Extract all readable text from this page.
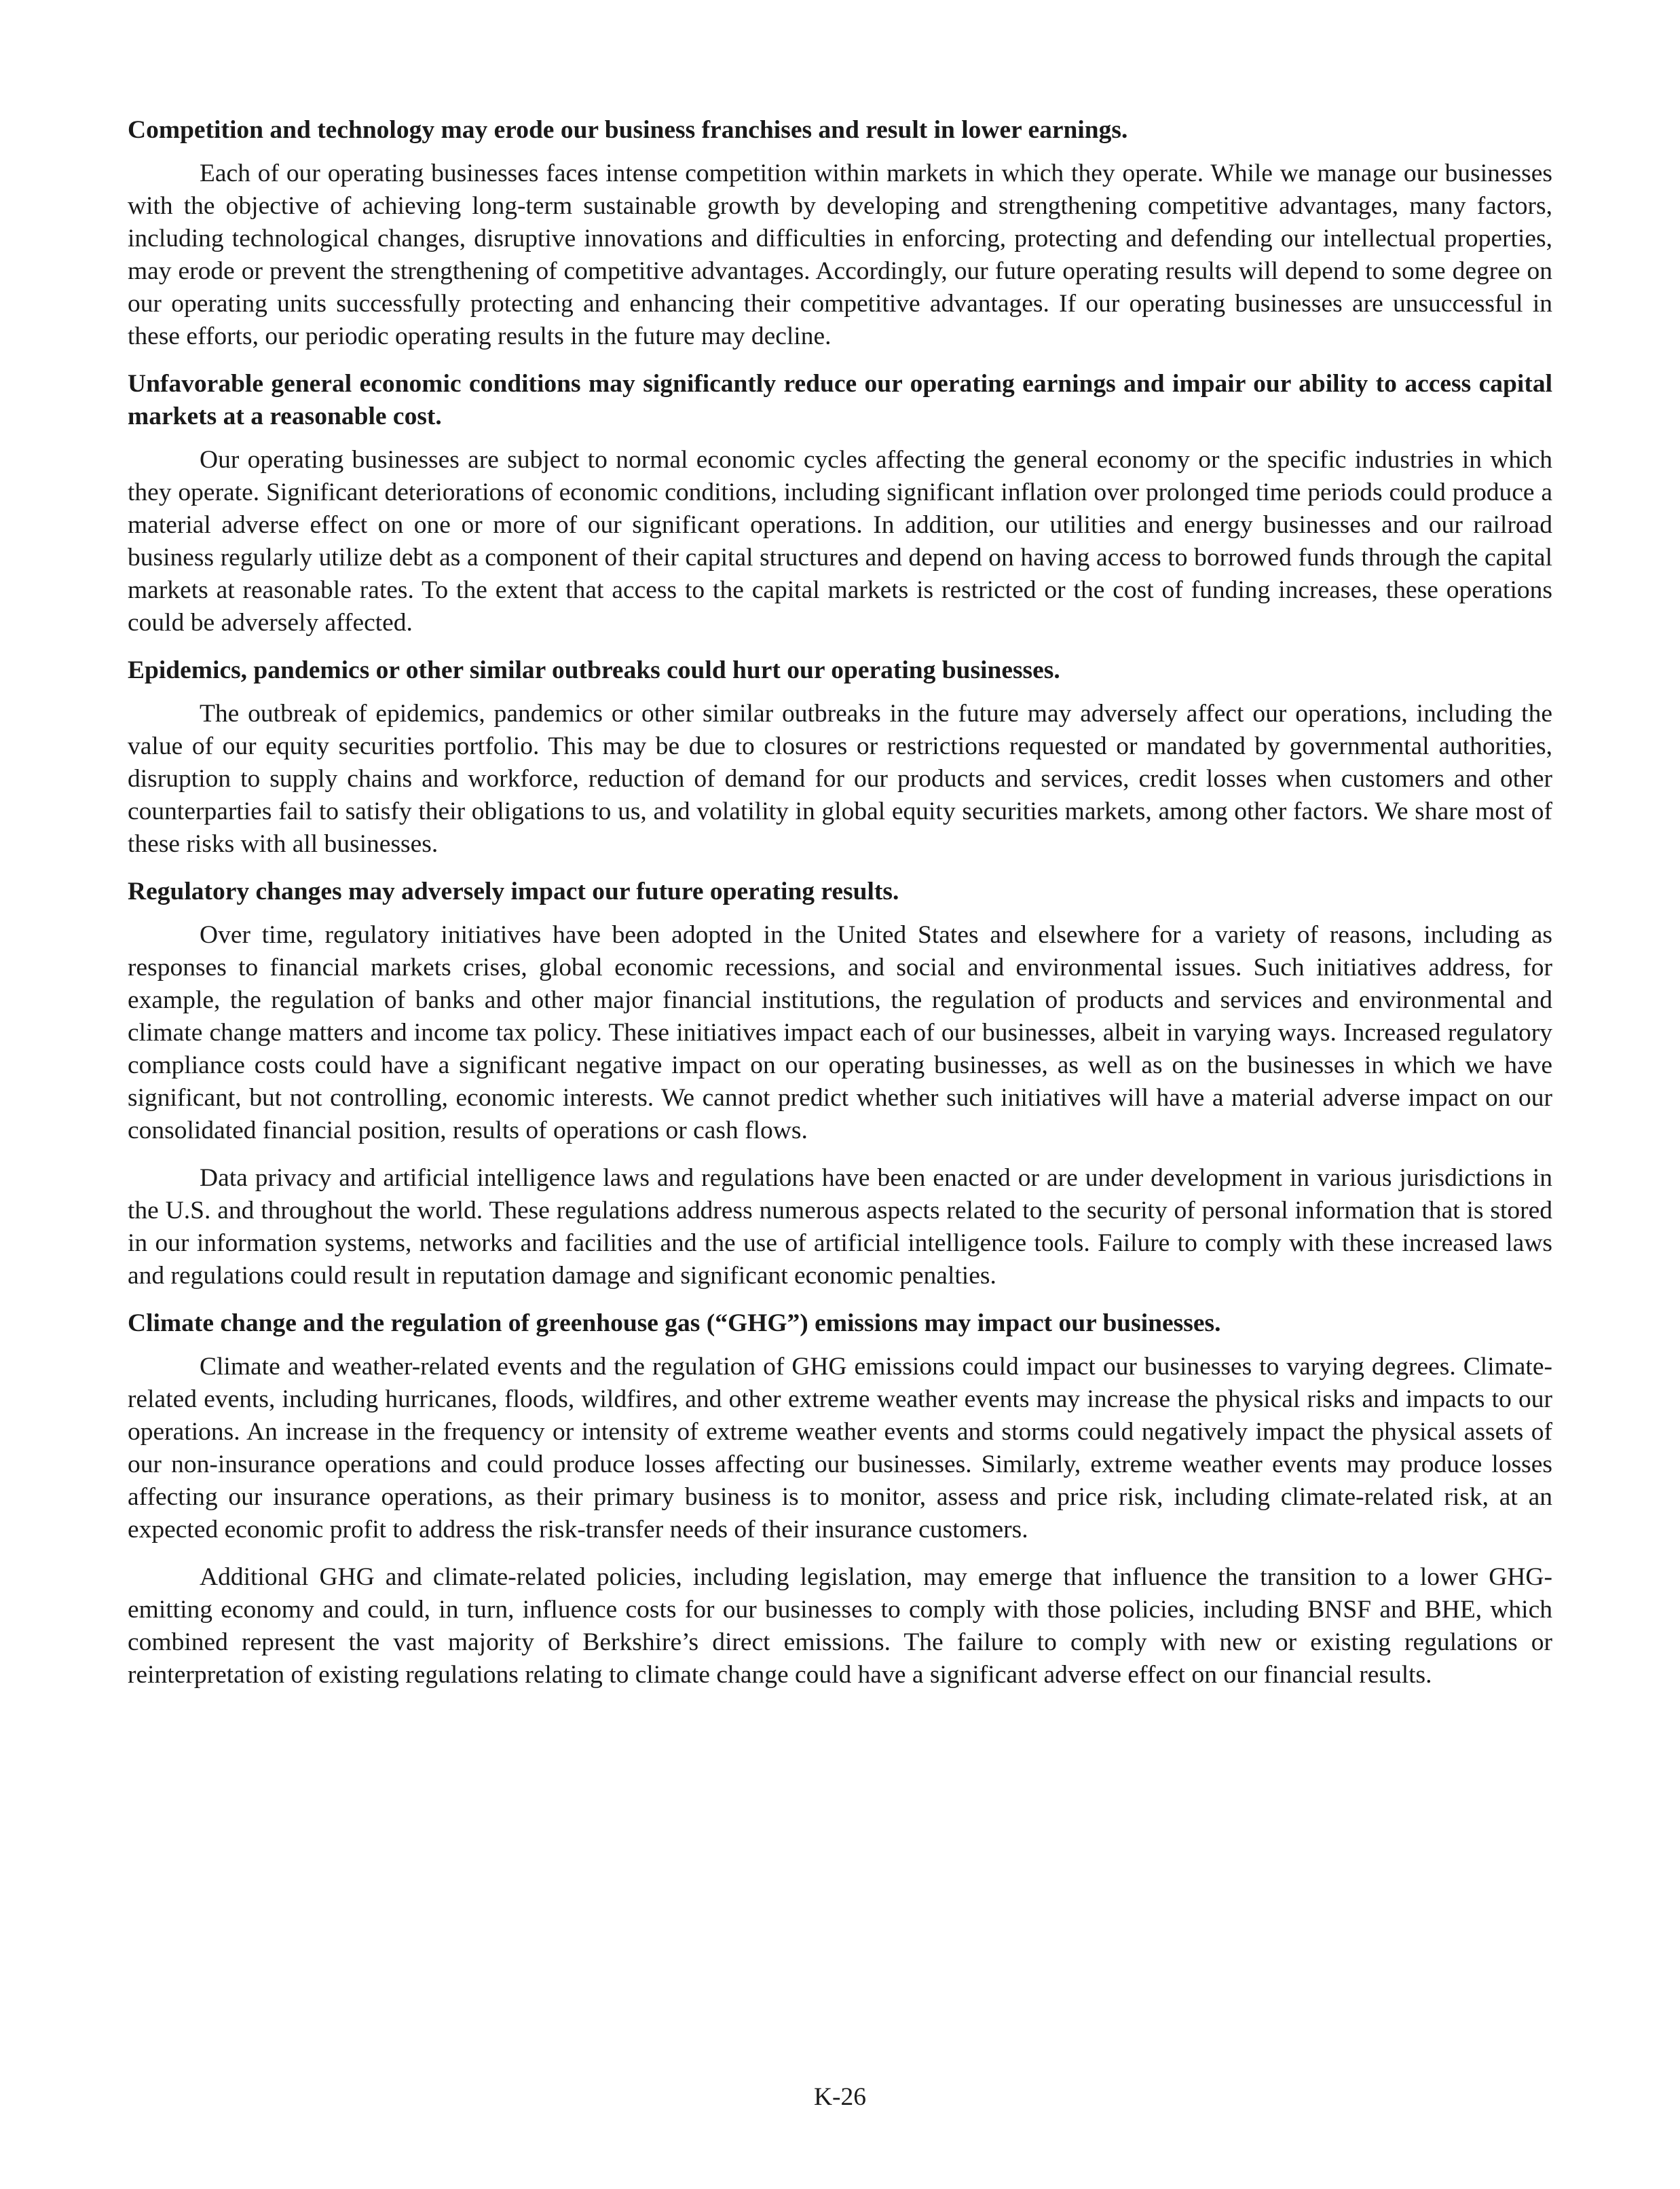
Competition and technology may erode our business franchises and result in lower earnings.
Each of our operating businesses faces intense competition within markets in which they operate. While we manage our businesses with the objective of achieving long-term sustainable growth by developing and strengthening competitive advantages, many factors, including technological changes, disruptive innovations and difficulties in enforcing, protecting and defending our intellectual properties, may erode or prevent the strengthening of competitive advantages. Accordingly, our future operating results will depend to some degree on our operating units successfully protecting and enhancing their competitive advantages. If our operating businesses are unsuccessful in these efforts, our periodic operating results in the future may decline.
Unfavorable general economic conditions may significantly reduce our operating earnings and impair our ability to access capital markets at a reasonable cost.
Our operating businesses are subject to normal economic cycles affecting the general economy or the specific industries in which they operate. Significant deteriorations of economic conditions, including significant inflation over prolonged time periods could produce a material adverse effect on one or more of our significant operations. In addition, our utilities and energy businesses and our railroad business regularly utilize debt as a component of their capital structures and depend on having access to borrowed funds through the capital markets at reasonable rates. To the extent that access to the capital markets is restricted or the cost of funding increases, these operations could be adversely affected.
Epidemics, pandemics or other similar outbreaks could hurt our operating businesses.
The outbreak of epidemics, pandemics or other similar outbreaks in the future may adversely affect our operations, including the value of our equity securities portfolio. This may be due to closures or restrictions requested or mandated by governmental authorities, disruption to supply chains and workforce, reduction of demand for our products and services, credit losses when customers and other counterparties fail to satisfy their obligations to us, and volatility in global equity securities markets, among other factors. We share most of these risks with all businesses.
Regulatory changes may adversely impact our future operating results.
Over time, regulatory initiatives have been adopted in the United States and elsewhere for a variety of reasons, including as responses to financial markets crises, global economic recessions, and social and environmental issues. Such initiatives address, for example, the regulation of banks and other major financial institutions, the regulation of products and services and environmental and climate change matters and income tax policy. These initiatives impact each of our businesses, albeit in varying ways. Increased regulatory compliance costs could have a significant negative impact on our operating businesses, as well as on the businesses in which we have significant, but not controlling, economic interests. We cannot predict whether such initiatives will have a material adverse impact on our consolidated financial position, results of operations or cash flows.
Data privacy and artificial intelligence laws and regulations have been enacted or are under development in various jurisdictions in the U.S. and throughout the world. These regulations address numerous aspects related to the security of personal information that is stored in our information systems, networks and facilities and the use of artificial intelligence tools. Failure to comply with these increased laws and regulations could result in reputation damage and significant economic penalties.
Climate change and the regulation of greenhouse gas (“GHG”) emissions may impact our businesses.
Climate and weather-related events and the regulation of GHG emissions could impact our businesses to varying degrees. Climate-related events, including hurricanes, floods, wildfires, and other extreme weather events may increase the physical risks and impacts to our operations. An increase in the frequency or intensity of extreme weather events and storms could negatively impact the physical assets of our non-insurance operations and could produce losses affecting our businesses. Similarly, extreme weather events may produce losses affecting our insurance operations, as their primary business is to monitor, assess and price risk, including climate-related risk, at an expected economic profit to address the risk-transfer needs of their insurance customers.
Additional GHG and climate-related policies, including legislation, may emerge that influence the transition to a lower GHG-emitting economy and could, in turn, influence costs for our businesses to comply with those policies, including BNSF and BHE, which combined represent the vast majority of Berkshire’s direct emissions. The failure to comply with new or existing regulations or reinterpretation of existing regulations relating to climate change could have a significant adverse effect on our financial results.
K-26
